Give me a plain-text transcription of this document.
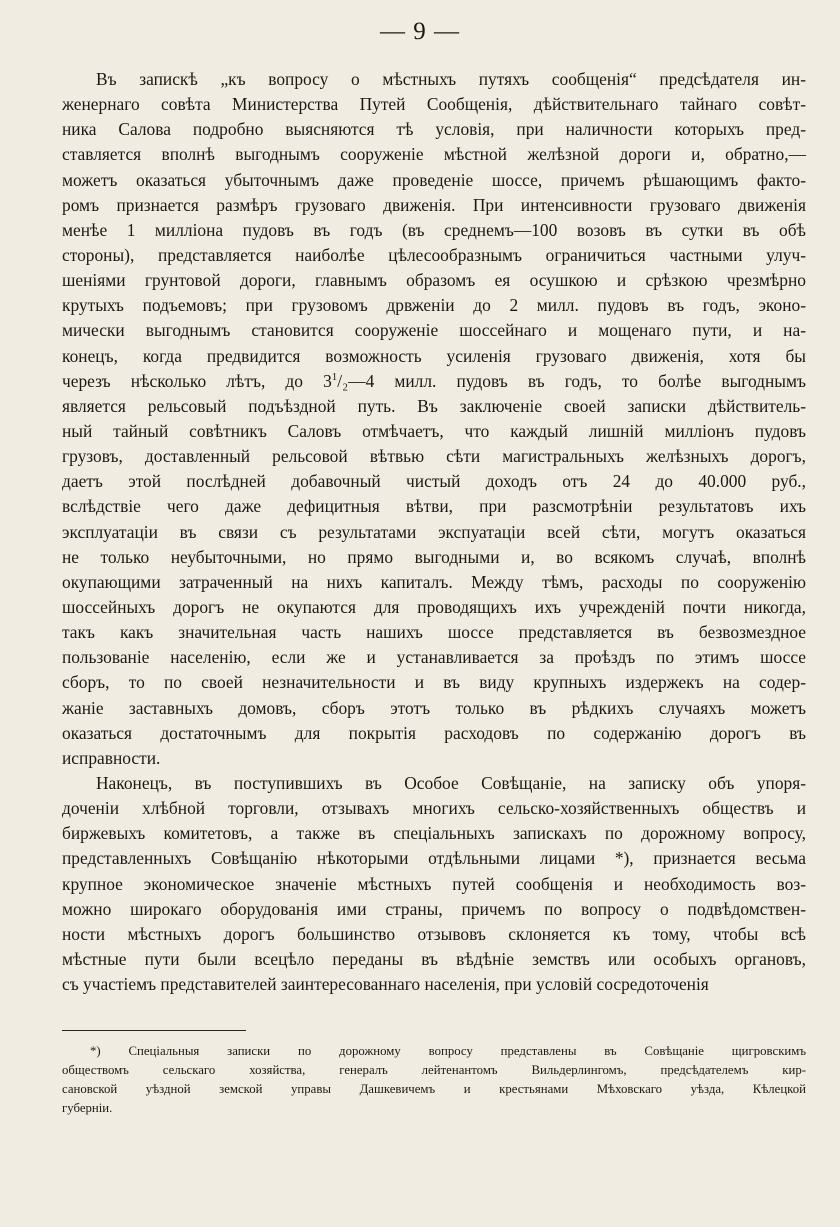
— 9 —
Въ запискѣ „къ вопросу о мѣстныхъ путяхъ сообщенія“ предсѣдателя ин-
женернаго совѣта Министерства Путей Сообщенія, дѣйствительнаго тайнаго совѣт-
ника Салова подробно выясняются тѣ условія, при наличности которыхъ пред-
ставляется вполнѣ выгоднымъ сооруженіе мѣстной желѣзной дороги и, обратно,—
можетъ оказаться убыточнымъ даже проведеніе шоссе, причемъ рѣшающимъ факто-
ромъ признается размѣръ грузоваго движенія. При интенсивности грузоваго движенія
менѣе 1 милліона пудовъ въ годъ (въ среднемъ—100 возовъ въ сутки въ обѣ
стороны), представляется наиболѣе цѣлесообразнымъ ограничиться частными улуч-
шеніями грунтовой дороги, главнымъ образомъ ея осушкою и срѣзкою чрезмѣрно
крутыхъ подъемовъ; при грузовомъ дрвженіи до 2 милл. пудовъ въ годъ, эконо-
мически выгоднымъ становится сооруженіе шоссейнаго и мощенаго пути, и на-
конецъ, когда предвидится возможность усиленія грузоваго движенія, хотя бы
черезъ нѣсколько лѣтъ, до $3^1/_2—4$ милл. пудовъ въ годъ, то болѣе выгоднымъ
является рельсовый подъѣздной путь. Въ заключеніе своей записки дѣйствитель-
ный тайный совѣтникъ Саловъ отмѣчаетъ, что каждый лишній милліонъ пудовъ
грузовъ, доставленный рельсовой вѣтвью сѣти магистральныхъ желѣзныхъ дорогъ,
даетъ этой послѣдней добавочный чистый доходъ отъ 24 до 40.000 руб.,
вслѣдствіе чего даже дефицитныя вѣтви, при разсмотрѣніи результатовъ ихъ
эксплуатаціи въ связи съ результатами экспуатаціи всей сѣти, могутъ оказаться
не только неубыточными, но прямо выгодными и, во всякомъ случаѣ, вполнѣ
окупающими затраченный на нихъ капиталъ. Между тѣмъ, расходы по сооруженію
шоссейныхъ дорогъ не окупаются для проводящихъ ихъ учрежденій почти никогда,
такъ какъ значительная часть нашихъ шоссе представляется въ безвозмездное
пользованіе населенію, если же и устанавливается за проѣздъ по этимъ шоссе
сборъ, то по своей незначительности и въ виду крупныхъ издержекъ на содер-
жаніе заставныхъ домовъ, сборъ этотъ только въ рѣдкихъ случаяхъ можетъ
оказаться достаточнымъ для покрытія расходовъ по содержанію дорогъ въ
исправности.
Наконецъ, въ поступившихъ въ Особое Совѣщаніе, на записку объ упоря-
доченіи хлѣбной торговли, отзывахъ многихъ сельско-хозяйственныхъ обществъ и
биржевыхъ комитетовъ, а также въ спеціальныхъ запискахъ по дорожному вопросу,
представленныхъ Совѣщанію нѣкоторыми отдѣльными лицами *), признается весьма
крупное экономическое значеніе мѣстныхъ путей сообщенія и необходимость воз-
можно широкаго оборудованія ими страны, причемъ по вопросу о подвѣдомствен-
ности мѣстныхъ дорогъ большинство отзывовъ склоняется къ тому, чтобы всѣ
мѣстные пути были всецѣло переданы въ вѣдѣніе земствъ или особыхъ органовъ,
съ участіемъ представителей заинтересованнаго населенія, при условій сосредоточенія
*) Спеціальныя записки по дорожному вопросу представлены въ Совѣщаніе щигровскимъ
обществомъ сельскаго хозяйства, генералъ лейтенантомъ Вильдерлингомъ, предсѣдателемъ кир-
сановской уѣздной земской управы Дашкевичемъ и крестьянами Мѣховскаго уѣзда, Кѣлецкой
губерніи.
